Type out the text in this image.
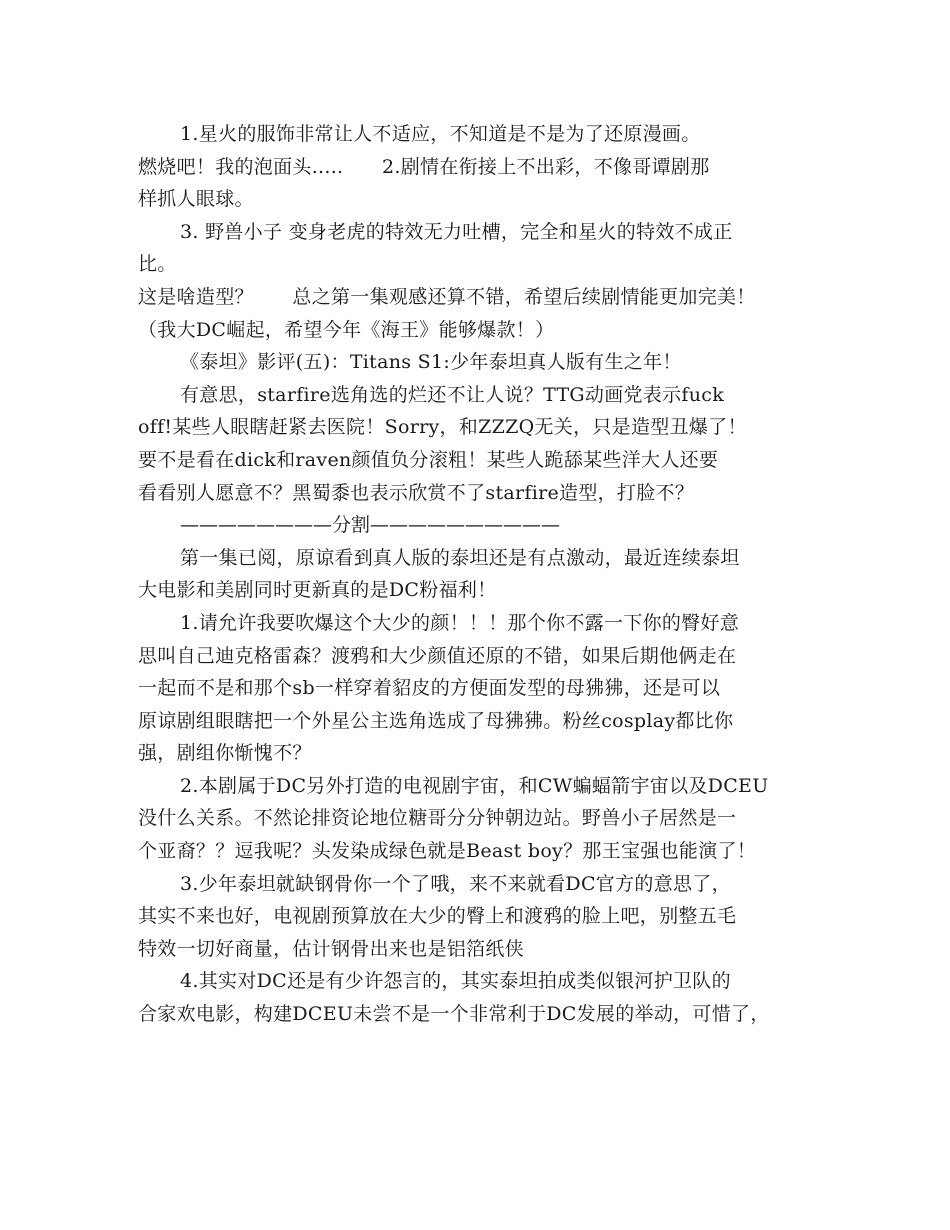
1.星火的服饰非常让人不适应，不知道是不是为了还原漫画。
燃烧吧！我的泡面头.....　　2.剧情在衔接上不出彩，不像哥谭剧那
样抓人眼球。
3. 野兽小子 变身老虎的特效无力吐槽，完全和星火的特效不成正
比。
这是啥造型？　　总之第一集观感还算不错，希望后续剧情能更加完美！
（我大DC崛起，希望今年《海王》能够爆款！）
《泰坦》影评(五)：Titans S1:少年泰坦真人版有生之年！
有意思，starfire选角选的烂还不让人说？TTG动画党表示fuck
off!某些人眼瞎赶紧去医院！Sorry，和ZZZQ无关，只是造型丑爆了！
要不是看在dick和raven颜值负分滚粗！某些人跪舔某些洋大人还要
看看别人愿意不？黑蜀黍也表示欣赏不了starfire造型，打脸不？
————————分割——————————
第一集已阅，原谅看到真人版的泰坦还是有点激动，最近连续泰坦
大电影和美剧同时更新真的是DC粉福利！
1.请允许我要吹爆这个大少的颜！！！那个你不露一下你的臀好意
思叫自己迪克格雷森？渡鸦和大少颜值还原的不错，如果后期他俩走在
一起而不是和那个sb一样穿着貂皮的方便面发型的母狒狒，还是可以
原谅剧组眼瞎把一个外星公主选角选成了母狒狒。粉丝cosplay都比你
强，剧组你惭愧不？
2.本剧属于DC另外打造的电视剧宇宙，和CW蝙蝠箭宇宙以及DCEU
没什么关系。不然论排资论地位糖哥分分钟朝边站。野兽小子居然是一
个亚裔？？逗我呢？头发染成绿色就是Beast boy？那王宝强也能演了！
3.少年泰坦就缺钢骨你一个了哦，来不来就看DC官方的意思了，
其实不来也好，电视剧预算放在大少的臀上和渡鸦的脸上吧，别整五毛
特效一切好商量，估计钢骨出来也是铝箔纸侠
4.其实对DC还是有少许怨言的，其实泰坦拍成类似银河护卫队的
合家欢电影，构建DCEU未尝不是一个非常利于DC发展的举动，可惜了，
